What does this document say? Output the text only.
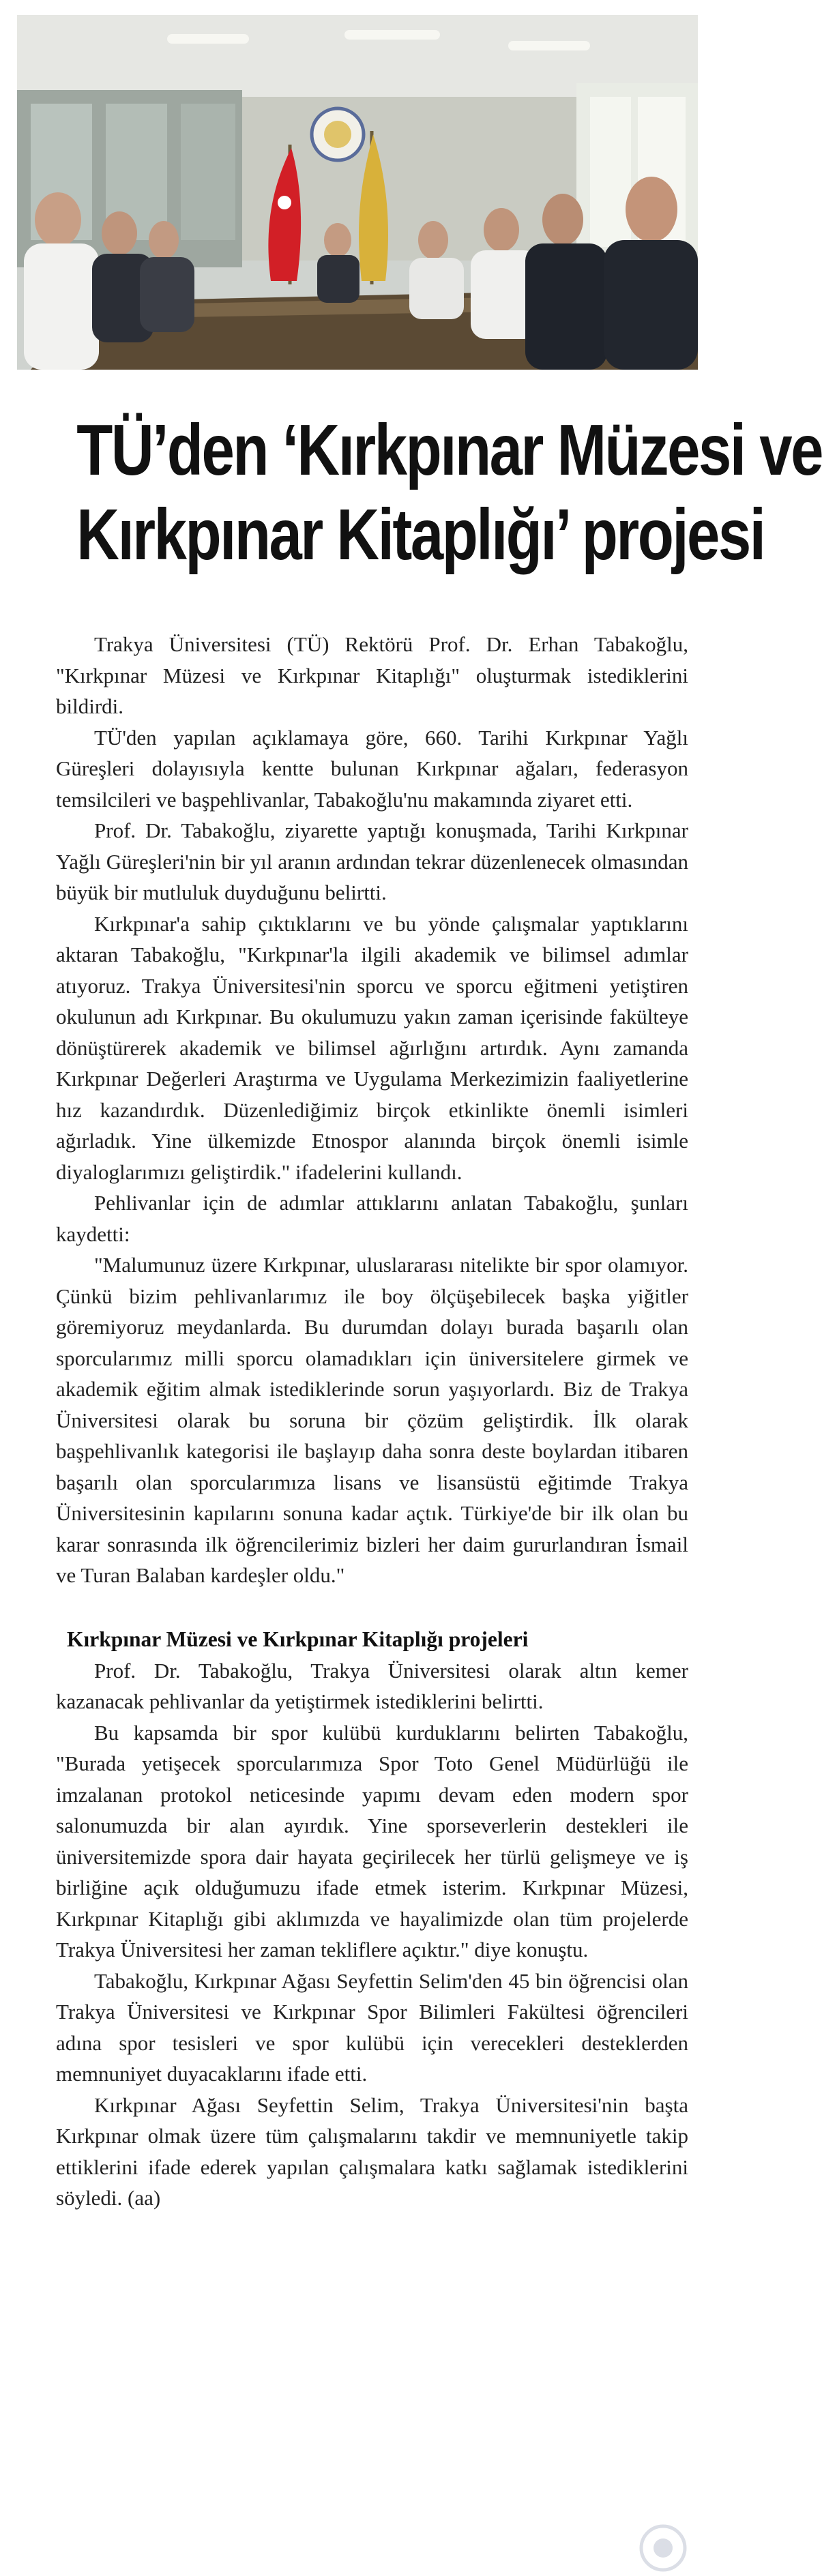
TÜ’den ‘Kırkpınar Müzesi ve
Kırkpınar Kitaplığı’ projesi

Trakya Üniversitesi (TÜ) Rektörü Prof. Dr. Erhan Tabakoğlu, "Kırkpınar Müzesi ve Kırkpınar Kitaplığı" oluşturmak istediklerini bildirdi.

TÜ'den yapılan açıklamaya göre, 660. Tarihi Kırkpınar Yağlı Güreşleri dolayısıyla kentte bulunan Kırkpınar ağaları, federasyon temsilcileri ve başpehlivanlar, Tabakoğlu'nu makamında ziyaret etti.

Prof. Dr. Tabakoğlu, ziyarette yaptığı konuşmada, Tarihi Kırkpınar Yağlı Güreşleri'nin bir yıl aranın ardından tekrar düzenlenecek olmasından büyük bir mutluluk duyduğunu belirtti.

Kırkpınar'a sahip çıktıklarını ve bu yönde çalışmalar yaptıklarını aktaran Tabakoğlu, "Kırkpınar'la ilgili akademik ve bilimsel adımlar atıyoruz. Trakya Üniversitesi'nin sporcu ve sporcu eğitmeni yetiştiren okulunun adı Kırkpınar. Bu okulumuzu yakın zaman içerisinde fakülteye dönüştürerek akademik ve bilimsel ağırlığını artırdık. Aynı zamanda Kırkpınar Değerleri Araştırma ve Uygulama Merkezimizin faaliyetlerine hız kazandırdık. Düzenlediğimiz birçok etkinlikte önemli isimleri ağırladık. Yine ülkemizde Etnospor alanında birçok önemli isimle diyaloglarımızı geliştirdik." ifadelerini kullandı.

Pehlivanlar için de adımlar attıklarını anlatan Tabakoğlu, şunları kaydetti:

"Malumunuz üzere Kırkpınar, uluslararası nitelikte bir spor olamıyor. Çünkü bizim pehlivanlarımız ile boy ölçüşebilecek başka yiğitler göremiyoruz meydanlarda. Bu durumdan dolayı burada başarılı olan sporcularımız milli sporcu olamadıkları için üniversitelere girmek ve akademik eğitim almak istediklerinde sorun yaşıyorlardı. Biz de Trakya Üniversitesi olarak bu soruna bir çözüm geliştirdik. İlk olarak başpehlivanlık kategorisi ile başlayıp daha sonra deste boylardan itibaren başarılı olan sporcularımıza lisans ve lisansüstü eğitimde Trakya Üniversitesinin kapılarını sonuna kadar açtık. Türkiye'de bir ilk olan bu karar sonrasında ilk öğrencilerimiz bizleri her daim gururlandıran İsmail ve Turan Balaban kardeşler oldu."

Kırkpınar Müzesi ve Kırkpınar Kitaplığı projeleri

Prof. Dr. Tabakoğlu, Trakya Üniversitesi olarak altın kemer kazanacak pehlivanlar da yetiştirmek istediklerini belirtti.

Bu kapsamda bir spor kulübü kurduklarını belirten Tabakoğlu, "Burada yetişecek sporcularımıza Spor Toto Genel Müdürlüğü ile imzalanan protokol neticesinde yapımı devam eden modern spor salonumuzda bir alan ayırdık. Yine sporseverlerin destekleri ile üniversitemizde spora dair hayata geçirilecek her türlü gelişmeye ve iş birliğine açık olduğumuzu ifade etmek isterim. Kırkpınar Müzesi, Kırkpınar Kitaplığı gibi aklımızda ve hayalimizde olan tüm projelerde Trakya Üniversitesi her zaman tekliflere açıktır." diye konuştu.

Tabakoğlu, Kırkpınar Ağası Seyfettin Selim'den 45 bin öğrencisi olan Trakya Üniversitesi ve Kırkpınar Spor Bilimleri Fakültesi öğrencileri adına spor tesisleri ve spor kulübü için verecekleri desteklerden memnuniyet duyacaklarını ifade etti.

Kırkpınar Ağası Seyfettin Selim, Trakya Üniversitesi'nin başta Kırkpınar olmak üzere tüm çalışmalarını takdir ve memnuniyetle takip ettiklerini ifade ederek yapılan çalışmalara katkı sağlamak istediklerini söyledi. (aa)
